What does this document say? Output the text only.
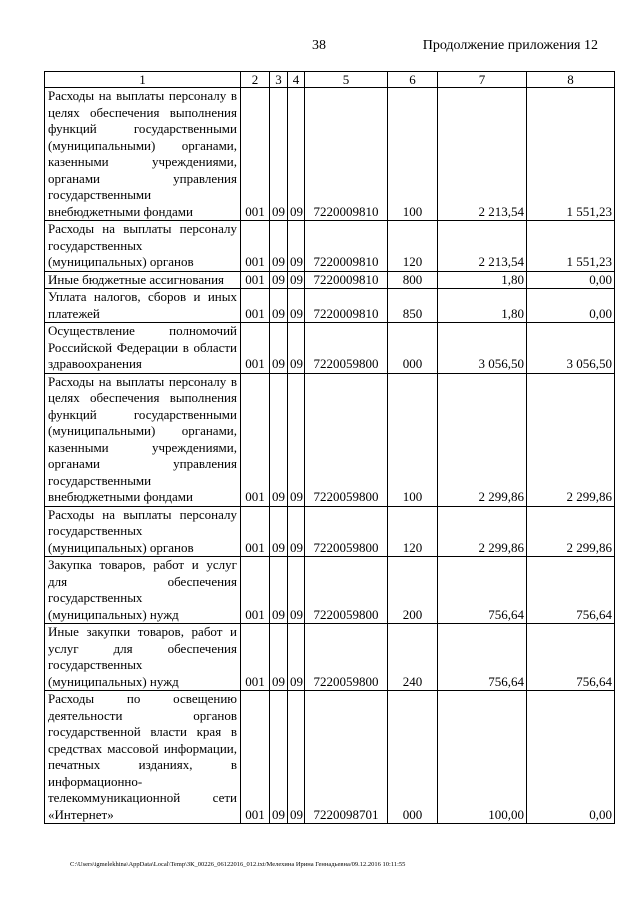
38	Продолжение приложения 12
1	2	3	4	5	6	7	8
Расходы на выплаты персоналу в целях обеспечения выполнения функций государственными (муниципальными) органами, казенными учреждениями, органами управления государственными внебюджетными фондами	001	09	09	7220009810	100	2 213,54	1 551,23
Расходы на выплаты персоналу государственных (муниципальных) органов	001	09	09	7220009810	120	2 213,54	1 551,23
Иные бюджетные ассигнования	001	09	09	7220009810	800	1,80	0,00
Уплата налогов, сборов и иных платежей	001	09	09	7220009810	850	1,80	0,00
Осуществление полномочий Российской Федерации в области здравоохранения	001	09	09	7220059800	000	3 056,50	3 056,50
Расходы на выплаты персоналу в целях обеспечения выполнения функций государственными (муниципальными) органами, казенными учреждениями, органами управления государственными внебюджетными фондами	001	09	09	7220059800	100	2 299,86	2 299,86
Расходы на выплаты персоналу государственных (муниципальных) органов	001	09	09	7220059800	120	2 299,86	2 299,86
Закупка товаров, работ и услуг для обеспечения государственных (муниципальных) нужд	001	09	09	7220059800	200	756,64	756,64
Иные закупки товаров, работ и услуг для обеспечения государственных (муниципальных) нужд	001	09	09	7220059800	240	756,64	756,64
Расходы по освещению деятельности органов государственной власти края в средствах массовой информации, печатных изданиях, в информационно-телекоммуникационной сети «Интернет»	001	09	09	7220098701	000	100,00	0,00
C:\Users\igmelekhina\AppData\Local\Temp\ЗК_00226_06122016_012.txt/Мелехина Ирина Геннадьевна/09.12.2016 10:11:55
